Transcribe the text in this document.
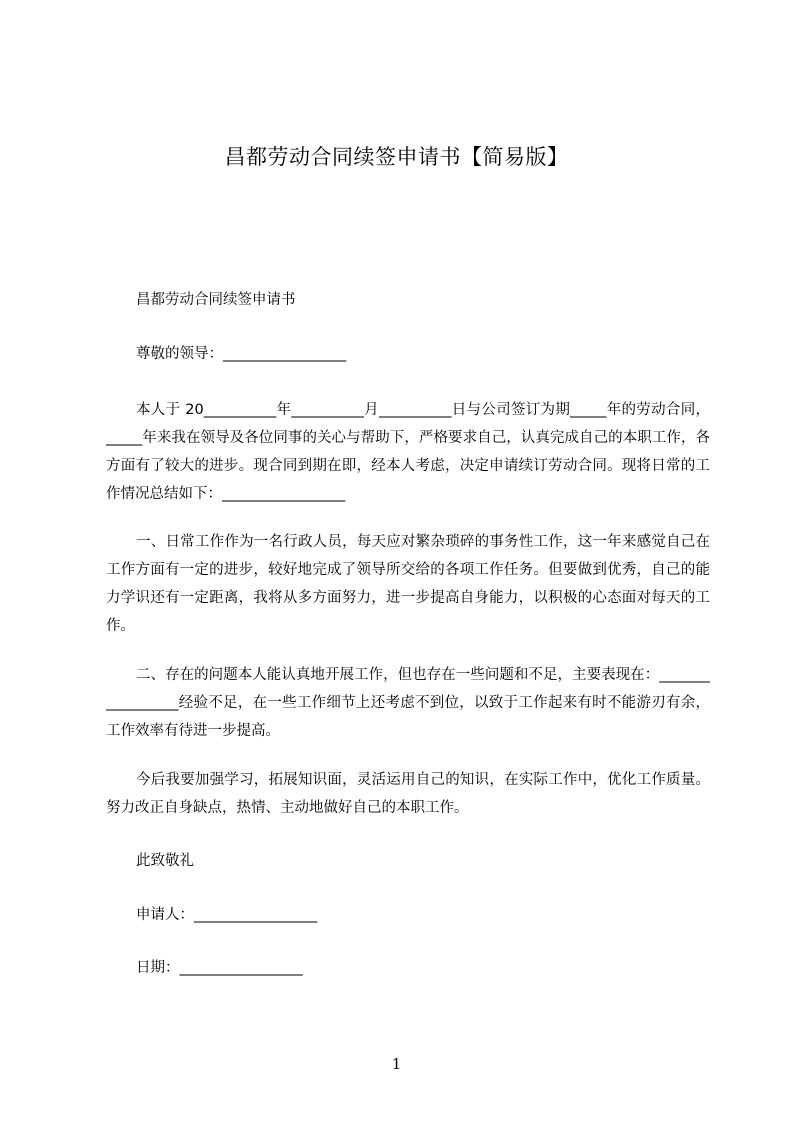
昌都劳动合同续签申请书【简易版】
昌都劳动合同续签申请书
尊敬的领导：_________________
本人于 20__________年__________月__________日与公司签订为期_____年的劳动合同，_____年来我在领导及各位同事的关心与帮助下，严格要求自己，认真完成自己的本职工作，各方面有了较大的进步。现合同到期在即，经本人考虑，决定申请续订劳动合同。现将日常的工作情况总结如下：_________________
一、日常工作作为一名行政人员，每天应对繁杂琐碎的事务性工作，这一年来感觉自己在工作方面有一定的进步，较好地完成了领导所交给的各项工作任务。但要做到优秀，自己的能力学识还有一定距离，我将从多方面努力，进一步提高自身能力，以积极的心态面对每天的工作。
二、存在的问题本人能认真地开展工作，但也存在一些问题和不足，主要表现在：_________________经验不足，在一些工作细节上还考虑不到位，以致于工作起来有时不能游刃有余，工作效率有待进一步提高。
今后我要加强学习，拓展知识面，灵活运用自己的知识，在实际工作中，优化工作质量。努力改正自身缺点，热情、主动地做好自己的本职工作。
此致敬礼
申请人：_________________
日期：_________________
1
